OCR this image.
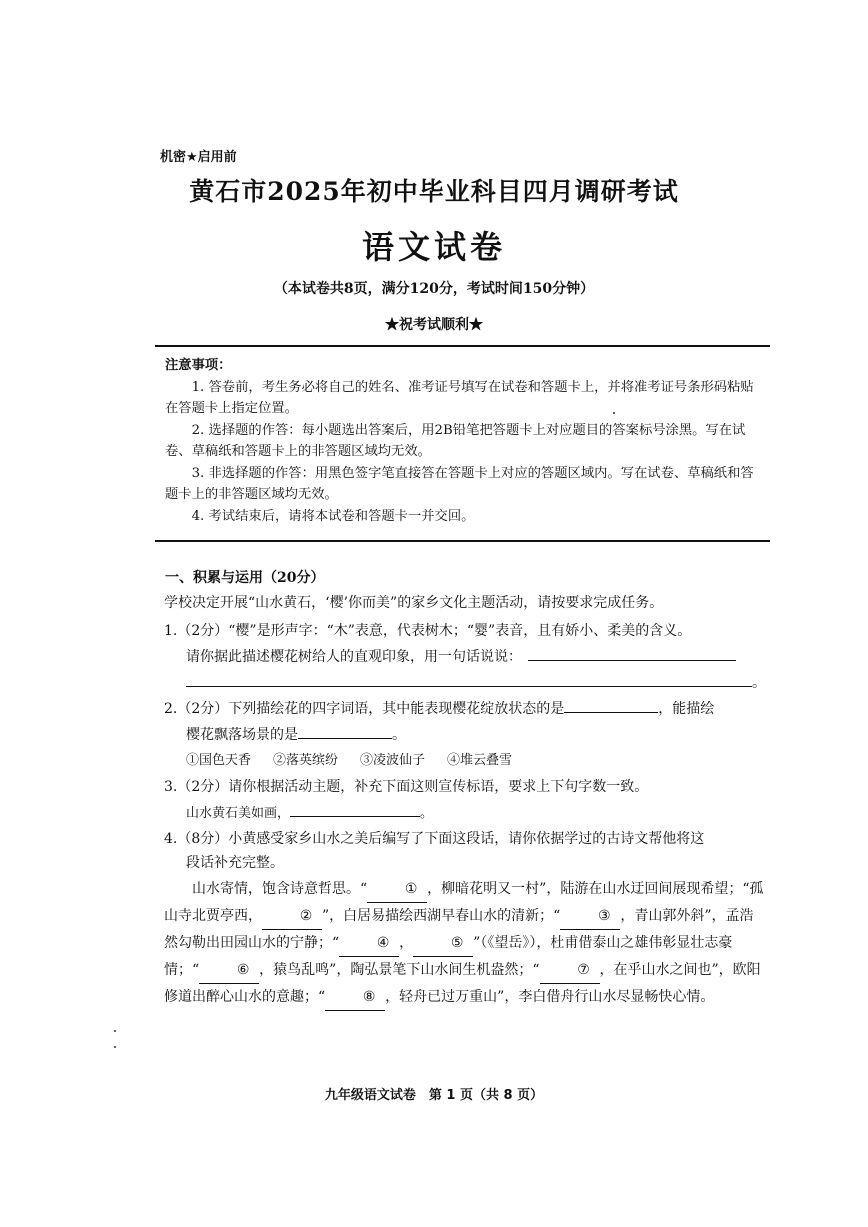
机密★启用前
黄石市2025年初中毕业科目四月调研考试
语文试卷
（本试卷共8页，满分120分，考试时间150分钟）
★祝考试顺利★
注意事项：

1. 答卷前，考生务必将自己的姓名、准考证号填写在试卷和答题卡上，并将准考证号条形码粘贴在答题卡上指定位置。

2. 选择题的作答：每小题选出答案后，用2B铅笔把答题卡上对应题目的答案标号涂黑。写在试卷、草稿纸和答题卡上的非答题区域均无效。

3. 非选择题的作答：用黑色签字笔直接答在答题卡上对应的答题区域内。写在试卷、草稿纸和答题卡上的非答题区域均无效。

4. 考试结束后，请将本试卷和答题卡一并交回。

一、积累与运用（20分）
学校决定开展“山水黄石，‘樱’你而美”的家乡文化主题活动，请按要求完成任务。
1.（2分）“樱”是形声字：“木”表意，代表树木；“婴”表音，且有娇小、柔美的含义。
请你据此描述樱花树给人的直观印象，用一句话说说：
。
2.（2分）下列描绘花的四字词语，其中能表现樱花绽放状态的是	，能描绘
樱花飘落场景的是	。
①国色天香 ②落英缤纷 ③凌波仙子 ④堆云叠雪
3.（2分）请你根据活动主题，补充下面这则宣传标语，要求上下句字数一致。
山水黄石美如画，	。
4.（8分）小黄感受家乡山水之美后编写了下面这段话，请你依据学过的古诗文帮他将这
段话补充完整。

山水寄情，饱含诗意哲思。“	① ，柳暗花明又一村”，陆游在山水迂回间展现希望；“孤山寺北贾亭西，	② ”，白居易描绘西湖早春山水的清新；“	③ ，青山郭外斜”，孟浩然勾勒出田园山水的宁静；“	④ ，	⑤ ”（《望岳》），杜甫借泰山之雄伟彰显壮志豪情；“	⑥ ，猿鸟乱鸣”，陶弘景笔下山水间生机盎然；“	⑦ ，在乎山水之间也”，欧阳修道出醉心山水的意趣；“	⑧ ，轻舟已过万重山”，李白借舟行山水尽显畅快心情。

九年级语文试卷　第 1 页（共 8 页）
